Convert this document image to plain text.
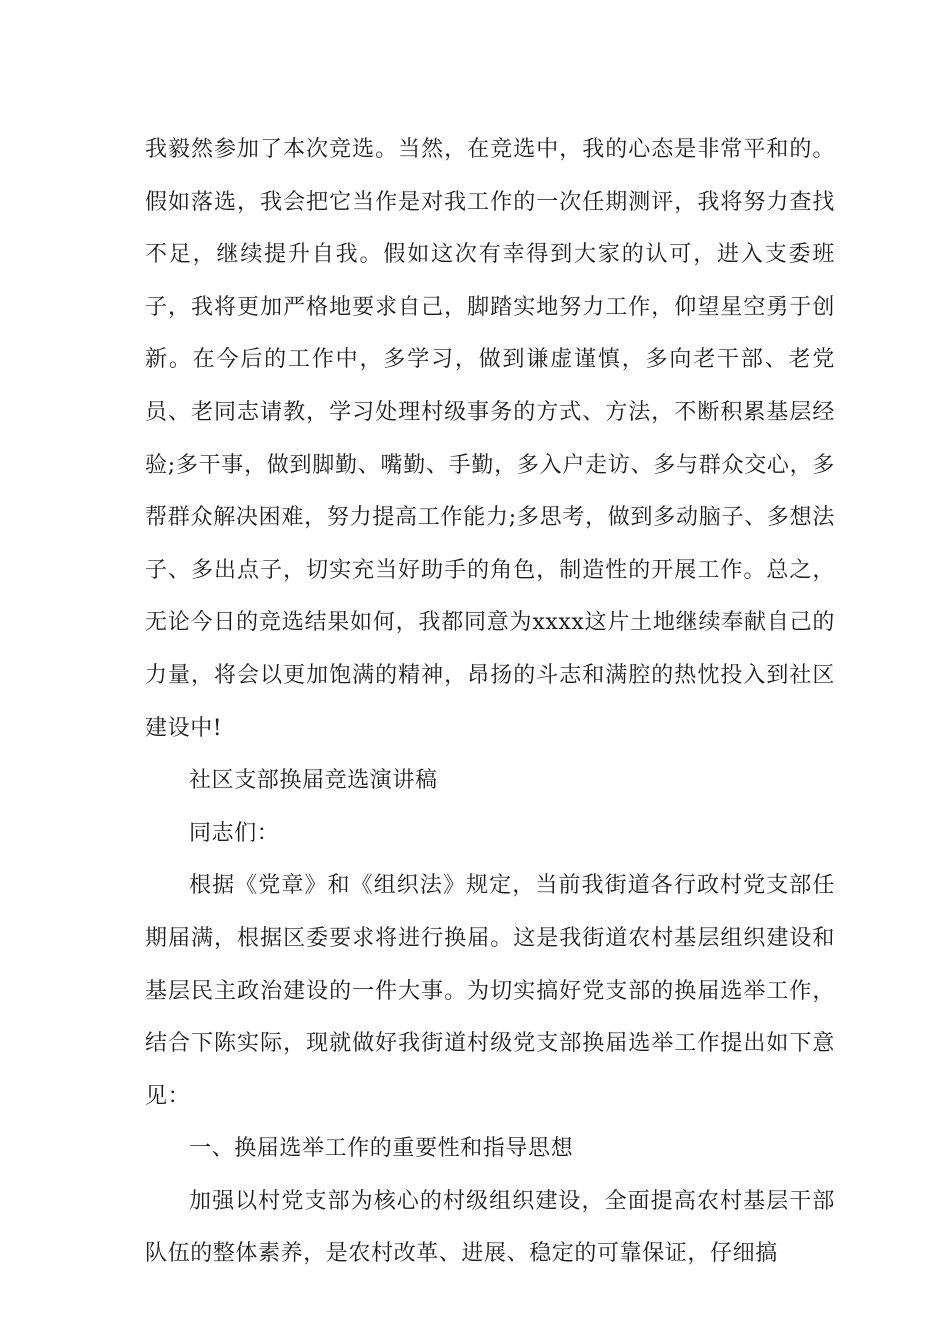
我毅然参加了本次竞选。当然，在竞选中，我的心态是非常平和的。假如落选，我会把它当作是对我工作的一次任期测评，我将努力查找不足，继续提升自我。假如这次有幸得到大家的认可，进入支委班子，我将更加严格地要求自己，脚踏实地努力工作，仰望星空勇于创新。在今后的工作中，多学习，做到谦虚谨慎，多向老干部、老党员、老同志请教，学习处理村级事务的方式、方法，不断积累基层经验;多干事，做到脚勤、嘴勤、手勤，多入户走访、多与群众交心，多帮群众解决困难，努力提高工作能力;多思考，做到多动脑子、多想法子、多出点子，切实充当好助手的角色，制造性的开展工作。总之，无论今日的竞选结果如何，我都同意为xxxx这片土地继续奉献自己的力量，将会以更加饱满的精神，昂扬的斗志和满腔的热忱投入到社区建设中!

社区支部换届竞选演讲稿

同志们：

根据《党章》和《组织法》规定，当前我街道各行政村党支部任期届满，根据区委要求将进行换届。这是我街道农村基层组织建设和基层民主政治建设的一件大事。为切实搞好党支部的换届选举工作，结合下陈实际，现就做好我街道村级党支部换届选举工作提出如下意见：

一、换届选举工作的重要性和指导思想

加强以村党支部为核心的村级组织建设，全面提高农村基层干部队伍的整体素养，是农村改革、进展、稳定的可靠保证，仔细搞
